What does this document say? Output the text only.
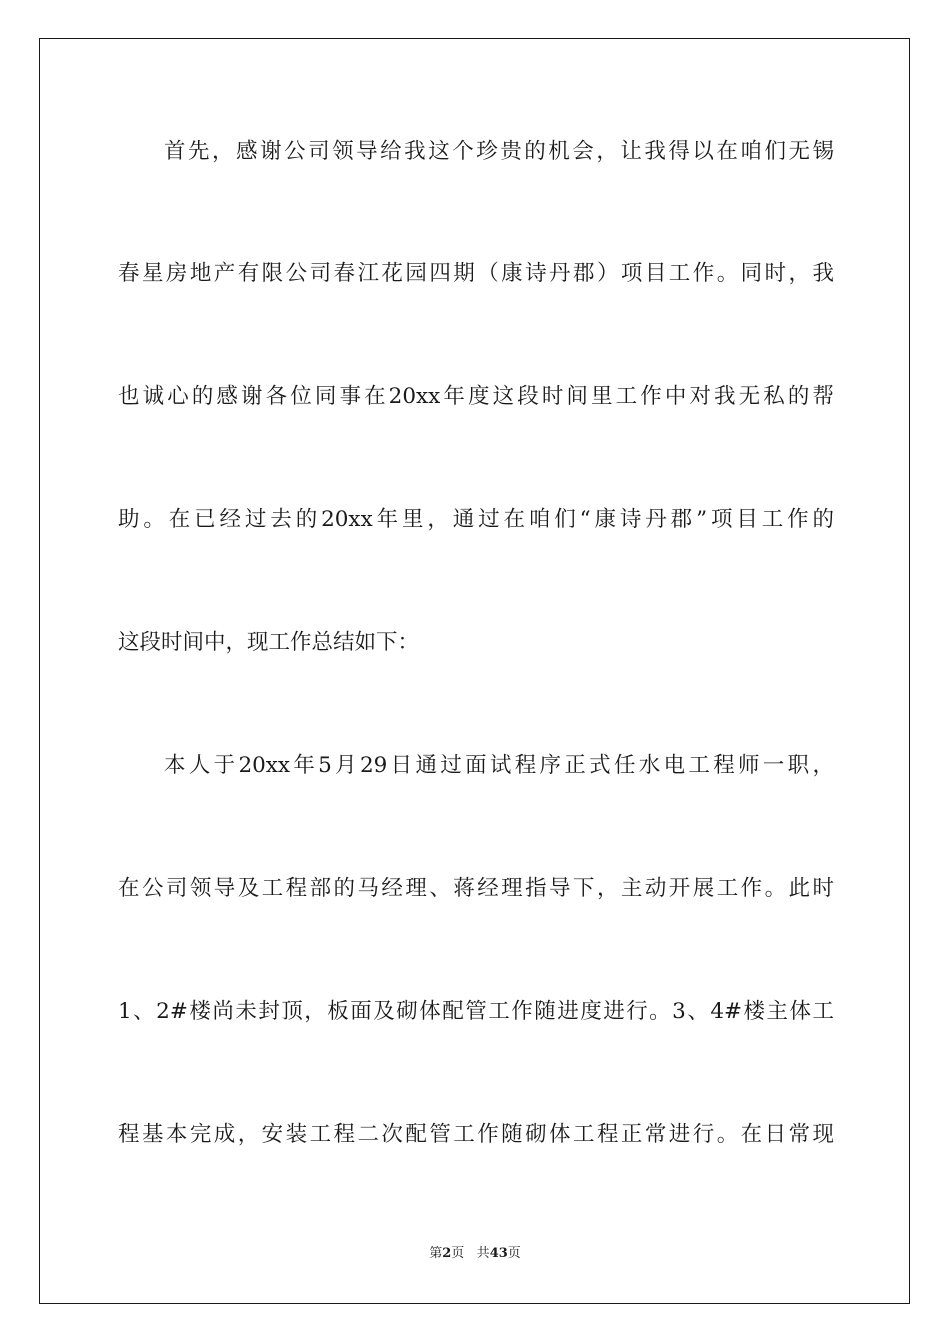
首先，感谢公司领导给我这个珍贵的机会，让我得以在咱们无锡
春星房地产有限公司春江花园四期（康诗丹郡）项目工作。同时，我
也诚心的感谢各位同事在20xx年度这段时间里工作中对我无私的帮
助。在已经过去的20xx年里，通过在咱们“康诗丹郡”项目工作的
这段时间中，现工作总结如下：
本人于20xx年5月29日通过面试程序正式任水电工程师一职，
在公司领导及工程部的马经理、蒋经理指导下，主动开展工作。此时
1、2#楼尚未封顶，板面及砌体配管工作随进度进行。3、4#楼主体工
程基本完成，安装工程二次配管工作随砌体工程正常进行。在日常现
第2页 共43页
